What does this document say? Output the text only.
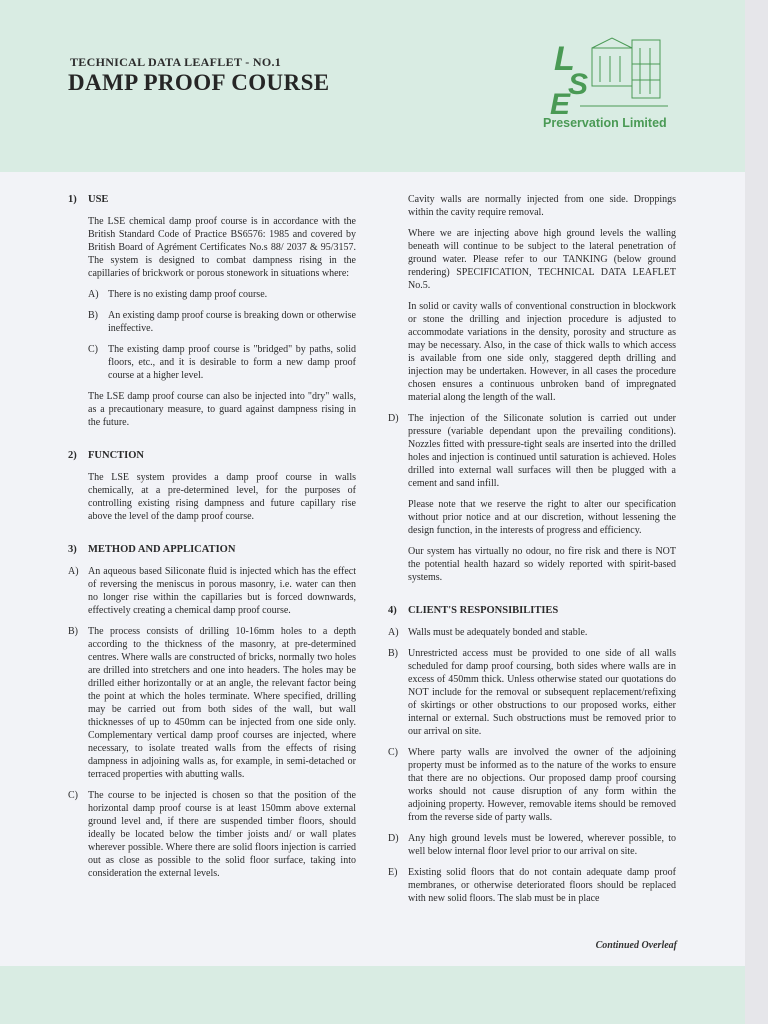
TECHNICAL DATA LEAFLET - NO.1
DAMP PROOF COURSE
L
S
E
Preservation Limited
1)	USE
The LSE chemical damp proof course is in accordance with the British Standard Code of Practice BS6576: 1985 and covered by British Board of Agrément Certificates No.s 88/ 2037 & 95/3157. The system is designed to combat dampness rising in the capillaries of brickwork or porous stonework in situations where:
A) There is no existing damp proof course.
B)	An existing damp proof course is breaking down or otherwise ineffective.
C)	The existing damp proof course is "bridged" by paths, solid floors, etc., and it is desirable to form a new damp proof course at a higher level.
The LSE damp proof course can also be injected into "dry" walls, as a precautionary measure, to guard against dampness rising in the future.
2)	FUNCTION
The LSE system provides a damp proof course in walls chemically, at a pre-determined level, for the purposes of controlling existing rising dampness and future capillary rise above the level of the damp proof course.
3)	METHOD AND APPLICATION
A) An aqueous based Siliconate fluid is injected which has the effect of reversing the meniscus in porous masonry, i.e. water can then no longer rise within the capillaries but is forced downwards, effectively creating a chemical damp proof course.
B)	The process consists of drilling 10-16mm holes to a depth according to the thickness of the masonry, at pre-determined centres. Where walls are constructed of bricks, normally two holes are drilled into stretchers and one into headers. The holes may be drilled either horizontally or at an angle, the relevant factor being the point at which the holes terminate. Where specified, drilling may be carried out from both sides of the wall, but wall thicknesses of up to 450mm can be injected from one side only. Complementary vertical damp proof courses are injected, where necessary, to isolate treated walls from the effects of rising dampness in adjoining walls as, for example, in semi-detached or terraced properties with abutting walls.
C)	The course to be injected is chosen so that the position of the horizontal damp proof course is at least 150mm above external ground level and, if there are suspended timber floors, should ideally be located below the timber joists and/ or wall plates wherever possible. Where there are solid floors injection is carried out as close as possible to the solid floor surface, taking into consideration the external levels.
Cavity walls are normally injected from one side. Droppings within the cavity require removal.
Where we are injecting above high ground levels the walling beneath will continue to be subject to the lateral penetration of ground water. Please refer to our TANKING (below ground rendering) SPECIFICATION, TECHNICAL DATA LEAFLET No.5.
In solid or cavity walls of conventional construction in blockwork or stone the drilling and injection procedure is adjusted to accommodate variations in the density, porosity and structure as may be necessary. Also, in the case of thick walls to which access is available from one side only, staggered depth drilling and injection may be undertaken. However, in all cases the procedure chosen ensures a continuous unbroken band of impregnated material along the length of the wall.
D) The injection of the Siliconate solution is carried out under pressure (variable dependant upon the prevailing conditions). Nozzles fitted with pressure-tight seals are inserted into the drilled holes and injection is continued until saturation is achieved. Holes drilled into external wall surfaces will then be plugged with a cement and sand infill.
Please note that we reserve the right to alter our specification without prior notice and at our discretion, without lessening the design function, in the interests of progress and efficiency.
Our system has virtually no odour, no fire risk and there is NOT the potential health hazard so widely reported with spirit-based systems.
4)	CLIENT'S RESPONSIBILITIES
A) Walls must be adequately bonded and stable.
B)	Unrestricted access must be provided to one side of all walls scheduled for damp proof coursing, both sides where walls are in excess of 450mm thick. Unless otherwise stated our quotations do NOT include for the removal or subsequent replacement/refixing of skirtings or other obstructions to our proposed works, either internal or external. Such obstructions must be removed prior to our arrival on site.
C)	Where party walls are involved the owner of the adjoining property must be informed as to the nature of the works to ensure that there are no objections. Our proposed damp proof coursing works should not cause disruption of any form within the adjoining property. However, removable items should be removed from the reverse side of party walls.
D) Any high ground levels must be lowered, wherever possible, to well below internal floor level prior to our arrival on site.
E)	Existing solid floors that do not contain adequate damp proof membranes, or otherwise deteriorated floors should be replaced with new solid floors. The slab must be in place
Continued Overleaf
